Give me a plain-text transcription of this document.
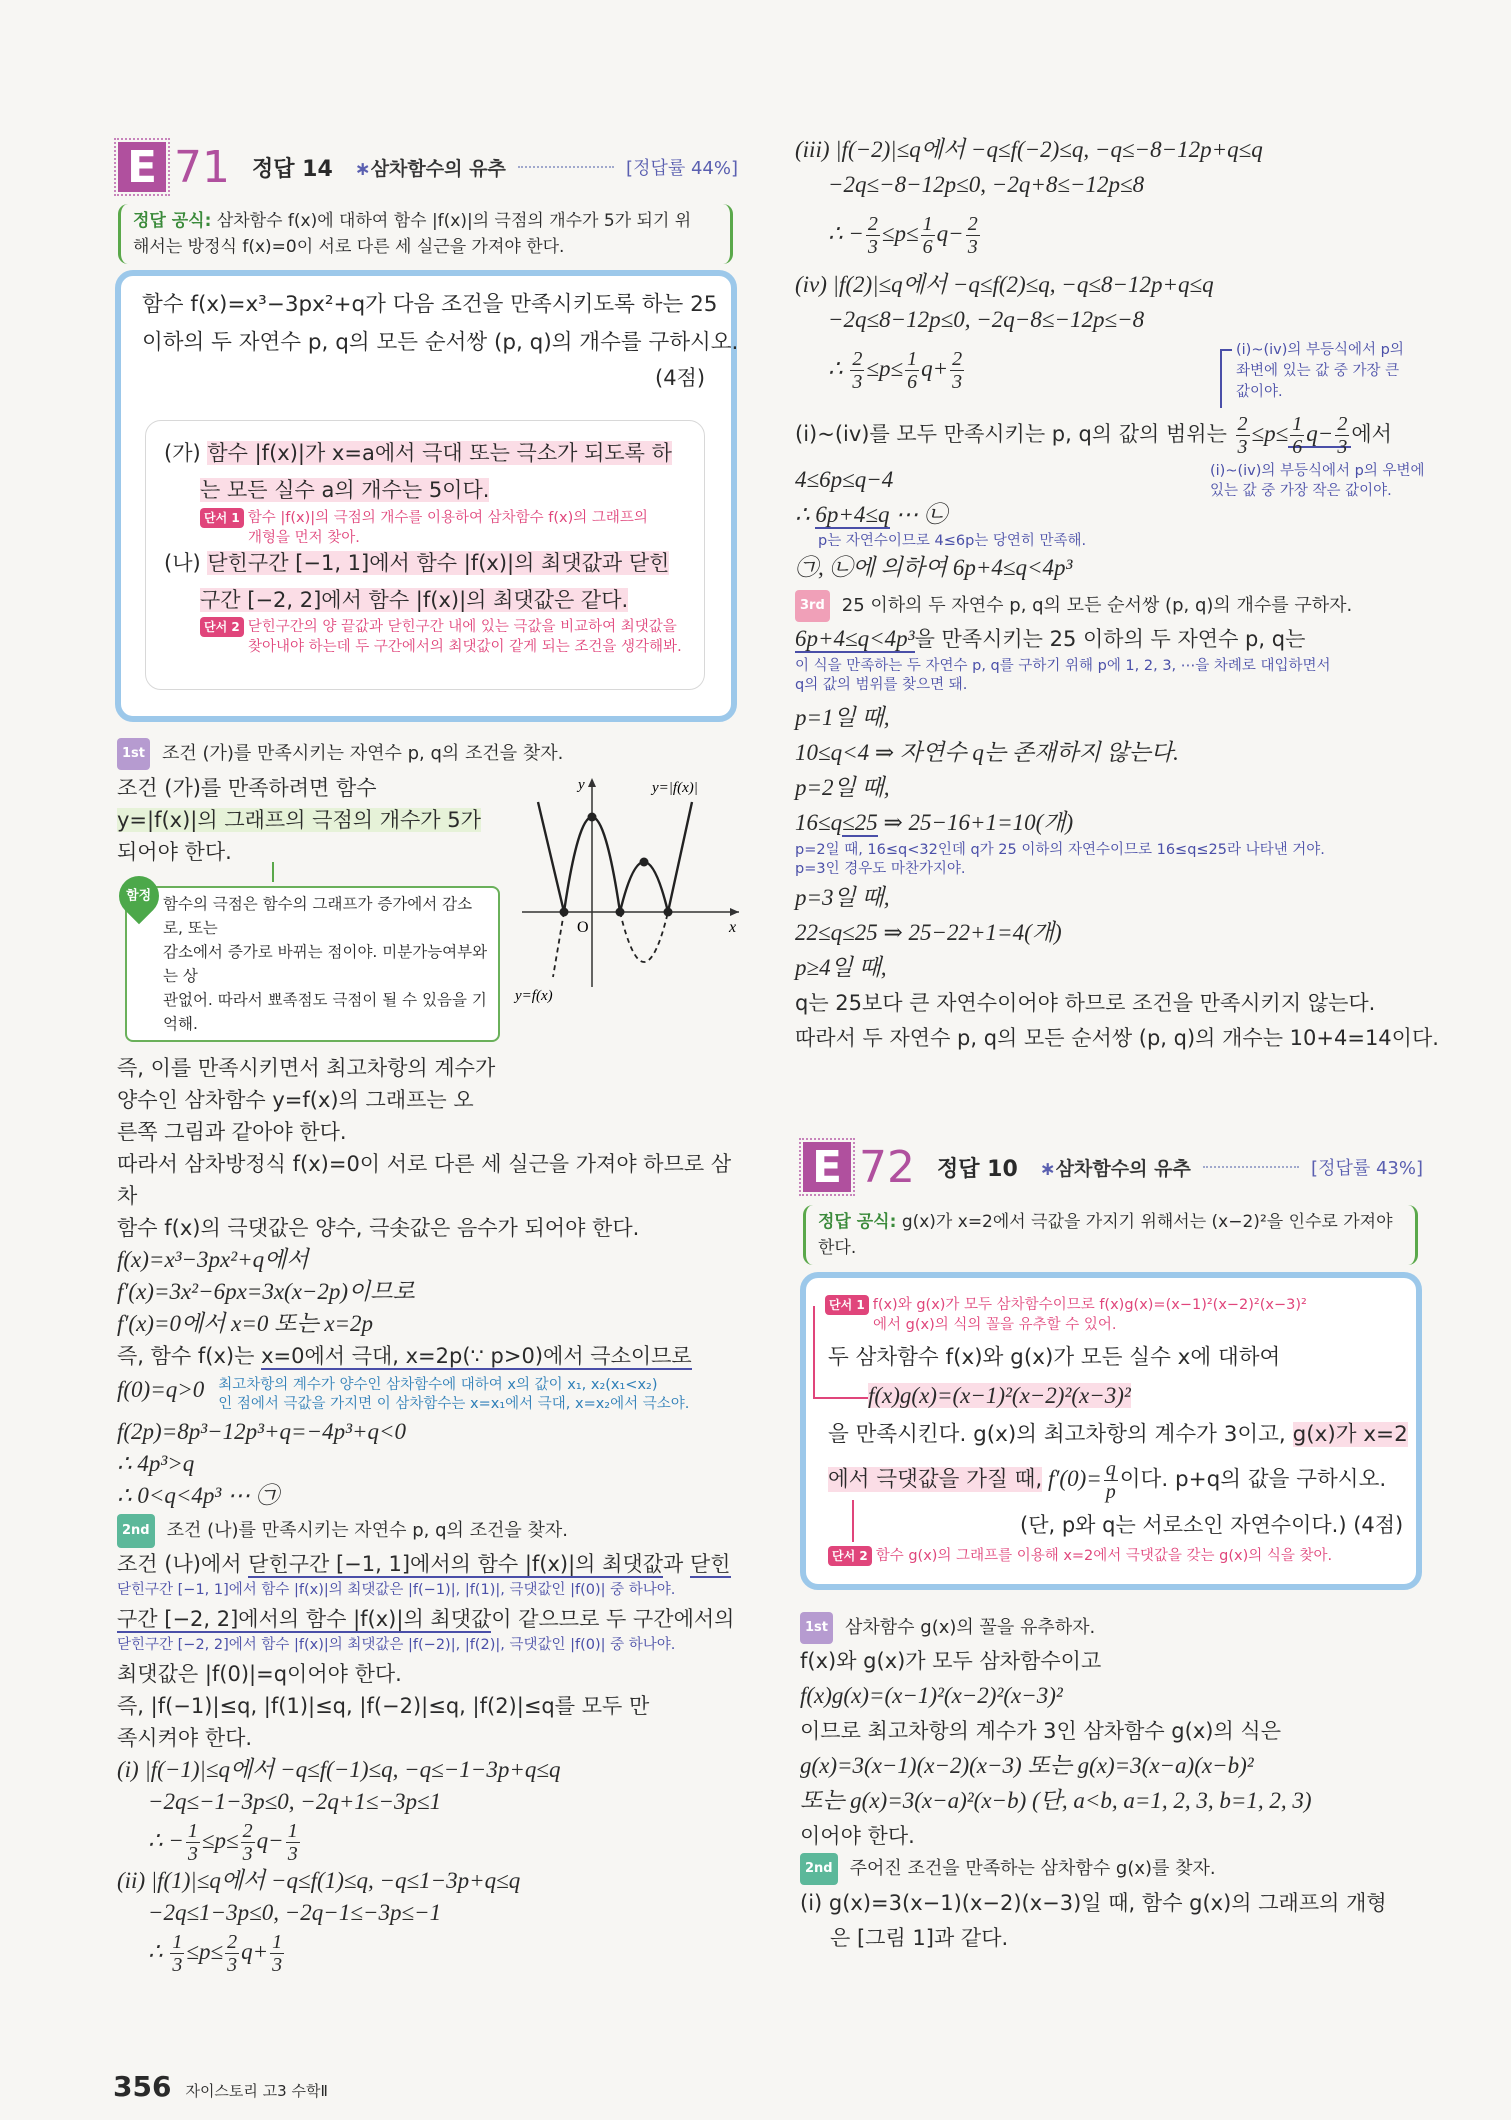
E 71 정답 14 ∗삼차함수의 유추	[정답률 44%]
정답 공식: 삼차함수 f(x)에 대하여 함수 |f(x)|의 극점의 개수가 5가 되기 위
해서는 방정식 f(x)=0이 서로 다른 세 실근을 가져야 한다.
함수 f(x)=x³−3px²+q가 다음 조건을 만족시키도록 하는 25
이하의 두 자연수 p, q의 모든 순서쌍 (p, q)의 개수를 구하시오.
(4점)
(가) 함수 |f(x)|가 x=a에서 극대 또는 극소가 되도록 하
는 모든 실수 a의 개수는 5이다.
단서 1 함수 |f(x)|의 극점의 개수를 이용하여 삼차함수 f(x)의 그래프의
개형을 먼저 찾아.
(나) 닫힌구간 [−1, 1]에서 함수 |f(x)|의 최댓값과 닫힌
구간 [−2, 2]에서 함수 |f(x)|의 최댓값은 같다.
단서 2 닫힌구간의 양 끝값과 닫힌구간 내에 있는 극값을 비교하여 최댓값을
찾아내야 하는데 두 구간에서의 최댓값이 같게 되는 조건을 생각해봐.
1st 조건 (가)를 만족시키는 자연수 p, q의 조건을 찾자.
y
x
O
y=|f(x)|
y=f(x)
조건 (가)를 만족하려면 함수
y=|f(x)|의 그래프의 극점의 개수가 5가
되어야 한다.
함정 함수의 극점은 함수의 그래프가 증가에서 감소로, 또는
감소에서 증가로 바뀌는 점이야. 미분가능여부와는 상
관없어. 따라서 뾰족점도 극점이 될 수 있음을 기억해.
즉, 이를 만족시키면서 최고차항의 계수가
양수인 삼차함수 y=f(x)의 그래프는 오
른쪽 그림과 같아야 한다.
따라서 삼차방정식 f(x)=0이 서로 다른 세 실근을 가져야 하므로 삼차
함수 f(x)의 극댓값은 양수, 극솟값은 음수가 되어야 한다.
f(x)=x³−3px²+q에서
f′(x)=3x²−6px=3x(x−2p)이므로
f′(x)=0에서 x=0 또는 x=2p
즉, 함수 f(x)는 x=0에서 극대, x=2p(∵ p>0)에서 극소이므로
f(0)=q>0 최고차항의 계수가 양수인 삼차함수에 대하여 x의 값이 x₁, x₂(x₁<x₂)
인 점에서 극값을 가지면 이 삼차함수는 x=x₁에서 극대, x=x₂에서 극소야.
f(2p)=8p³−12p³+q=−4p³+q<0
∴ 4p³>q
∴ 0<q<4p³ ⋯ ㉠
2nd 조건 (나)를 만족시키는 자연수 p, q의 조건을 찾자.
조건 (나)에서 닫힌구간 [−1, 1]에서의 함수 |f(x)|의 최댓값과 닫힌
닫힌구간 [−1, 1]에서 함수 |f(x)|의 최댓값은 |f(−1)|, |f(1)|, 극댓값인 |f(0)| 중 하나야.
구간 [−2, 2]에서의 함수 |f(x)|의 최댓값이 같으므로 두 구간에서의
닫힌구간 [−2, 2]에서 함수 |f(x)|의 최댓값은 |f(−2)|, |f(2)|, 극댓값인 |f(0)| 중 하나야.
최댓값은 |f(0)|=q이어야 한다.
즉, |f(−1)|≤q, |f(1)|≤q, |f(−2)|≤q, |f(2)|≤q를 모두 만
족시켜야 한다.
(i) |f(−1)|≤q에서 −q≤f(−1)≤q, −q≤−1−3p+q≤q
−2q≤−1−3p≤0, −2q+1≤−3p≤1
∴ − $\frac{1}{3} \le p\le \frac{2}{3} q- \frac{1}{3}$
(ii) |f(1)|≤q에서 −q≤f(1)≤q, −q≤1−3p+q≤q
−2q≤1−3p≤0, −2q−1≤−3p≤−1
∴ $\frac{1}{3} \le p\le \frac{2}{3} q+ \frac{1}{3}$
356 자이스토리 고3 수학Ⅱ
(iii) |f(−2)|≤q에서 −q≤f(−2)≤q, −q≤−8−12p+q≤q
−2q≤−8−12p≤0, −2q+8≤−12p≤8
∴ − $\frac{2}{3} \le p\le \frac{1}{6} q- \frac{2}{3}$
(iv) |f(2)|≤q에서 −q≤f(2)≤q, −q≤8−12p+q≤q
−2q≤8−12p≤0, −2q−8≤−12p≤−8
∴ $\frac{2}{3} \le p\le \frac{1}{6} q+ \frac{2}{3}$	(i)~(iv)의 부등식에서 p의
좌변에 있는 값 중 가장 큰
값이야.
(i)~(iv)를 모두 만족시키는 p, q의 값의 범위는 $\frac{2}{3} \le p\le \frac{1}{6} q- \frac{2}{3}$ 에서
(i)~(iv)의 부등식에서 p의 우변에
있는 값 중 가장 작은 값이야.
4≤6p≤q−4
∴ 6p+4≤q ⋯ ㉡
p는 자연수이므로 4≤6p는 당연히 만족해.
㉠, ㉡에 의하여 6p+4≤q<4p³
3rd 25 이하의 두 자연수 p, q의 모든 순서쌍 (p, q)의 개수를 구하자.
6p+4≤q<4p³을 만족시키는 25 이하의 두 자연수 p, q는
이 식을 만족하는 두 자연수 p, q를 구하기 위해 p에 1, 2, 3, ⋯을 차례로 대입하면서
q의 값의 범위를 찾으면 돼.
p=1일 때,
10≤q<4 ⇒ 자연수 q는 존재하지 않는다.
p=2일 때,
16≤q≤25 ⇒ 25−16+1=10(개)
p=2일 때, 16≤q<32인데 q가 25 이하의 자연수이므로 16≤q≤25라 나타낸 거야.
p=3인 경우도 마찬가지야.
p=3일 때,
22≤q≤25 ⇒ 25−22+1=4(개)
p≥4일 때,
q는 25보다 큰 자연수이어야 하므로 조건을 만족시키지 않는다.
따라서 두 자연수 p, q의 모든 순서쌍 (p, q)의 개수는 10+4=14이다.
E 72 정답 10 ∗삼차함수의 유추	[정답률 43%]
정답 공식: g(x)가 x=2에서 극값을 가지기 위해서는 (x−2)²을 인수로 가져야
한다.
단서 1 f(x)와 g(x)가 모두 삼차함수이므로 f(x)g(x)=(x−1)²(x−2)²(x−3)²
에서 g(x)의 식의 꼴을 유추할 수 있어.
두 삼차함수 f(x)와 g(x)가 모든 실수 x에 대하여
f(x)g(x)=(x−1)²(x−2)²(x−3)²
을 만족시킨다. g(x)의 최고차항의 계수가 3이고, g(x)가 x=2
에서 극댓값을 가질 때, $f'(0)= \frac{q}{p}$ 이다. p+q의 값을 구하시오.
(단, p와 q는 서로소인 자연수이다.) (4점)
단서 2 함수 g(x)의 그래프를 이용해 x=2에서 극댓값을 갖는 g(x)의 식을 찾아.
1st 삼차함수 g(x)의 꼴을 유추하자.
f(x)와 g(x)가 모두 삼차함수이고
f(x)g(x)=(x−1)²(x−2)²(x−3)²
이므로 최고차항의 계수가 3인 삼차함수 g(x)의 식은
g(x)=3(x−1)(x−2)(x−3) 또는 g(x)=3(x−a)(x−b)²
또는 g(x)=3(x−a)²(x−b) (단, a<b, a=1, 2, 3, b=1, 2, 3)
이어야 한다.
2nd 주어진 조건을 만족하는 삼차함수 g(x)를 찾자.
(i) g(x)=3(x−1)(x−2)(x−3)일 때, 함수 g(x)의 그래프의 개형
은 [그림 1]과 같다.
